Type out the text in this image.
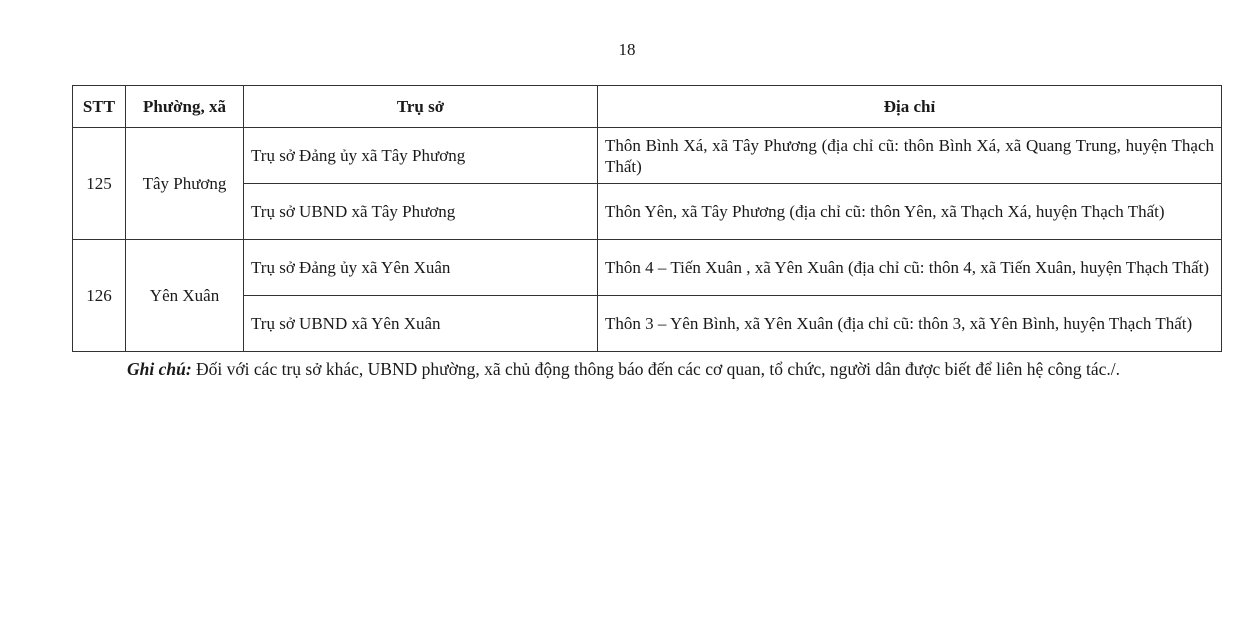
18
STT	Phường, xã	Trụ sở	Địa chỉ
125	Tây Phương	Trụ sở Đảng ủy xã Tây Phương	Thôn Bình Xá, xã Tây Phương (địa chỉ cũ: thôn Bình Xá, xã Quang Trung, huyện Thạch Thất)
		Trụ sở UBND xã Tây Phương	Thôn Yên, xã Tây Phương (địa chỉ cũ: thôn Yên, xã Thạch Xá, huyện Thạch Thất)
126	Yên Xuân	Trụ sở Đảng ủy xã Yên Xuân	Thôn 4 – Tiến Xuân , xã Yên Xuân (địa chỉ cũ: thôn 4, xã Tiến Xuân, huyện Thạch Thất)
		Trụ sở UBND xã Yên Xuân	Thôn 3 – Yên Bình, xã Yên Xuân (địa chỉ cũ: thôn 3, xã Yên Bình, huyện Thạch Thất)
Ghi chú: Đối với các trụ sở khác, UBND phường, xã chủ động thông báo đến các cơ quan, tổ chức, người dân được biết để liên hệ công tác./.
